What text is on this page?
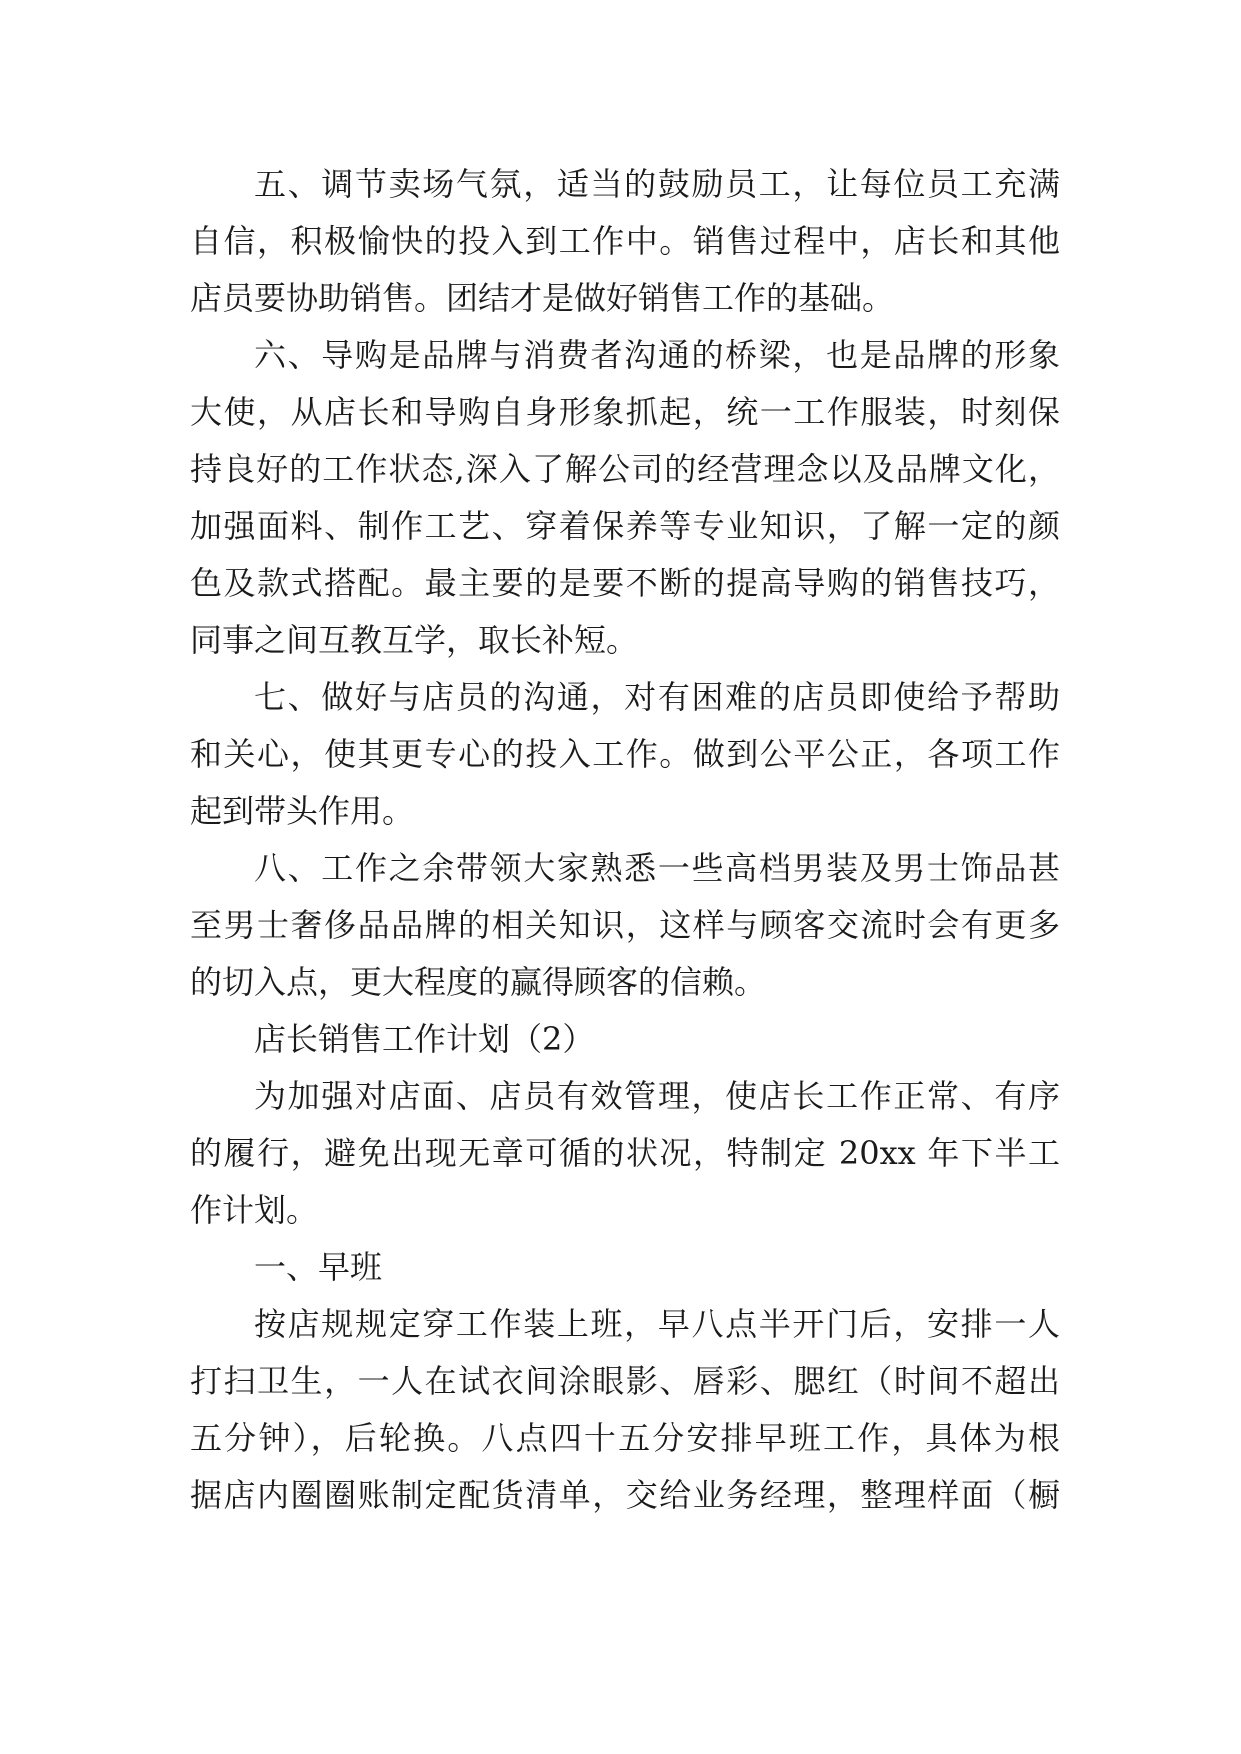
五、调节卖场气氛，适当的鼓励员工，让每位员工充满
自信，积极愉快的投入到工作中。销售过程中，店长和其他
店员要协助销售。团结才是做好销售工作的基础。
六、导购是品牌与消费者沟通的桥梁，也是品牌的形象
大使，从店长和导购自身形象抓起，统一工作服装，时刻保
持良好的工作状态,深入了解公司的经营理念以及品牌文化，
加强面料、制作工艺、穿着保养等专业知识，了解一定的颜
色及款式搭配。最主要的是要不断的提高导购的销售技巧，
同事之间互教互学，取长补短。
七、做好与店员的沟通，对有困难的店员即使给予帮助
和关心，使其更专心的投入工作。做到公平公正，各项工作
起到带头作用。
八、工作之余带领大家熟悉一些高档男装及男士饰品甚
至男士奢侈品品牌的相关知识，这样与顾客交流时会有更多
的切入点，更大程度的赢得顾客的信赖。
店长销售工作计划（2）
为加强对店面、店员有效管理，使店长工作正常、有序
的履行，避免出现无章可循的状况，特制定 20xx 年下半工
作计划。
一、早班
按店规规定穿工作装上班，早八点半开门后，安排一人
打扫卫生，一人在试衣间涂眼影、唇彩、腮红（时间不超出
五分钟），后轮换。八点四十五分安排早班工作，具体为根
据店内圈圈账制定配货清单，交给业务经理，整理样面（橱
